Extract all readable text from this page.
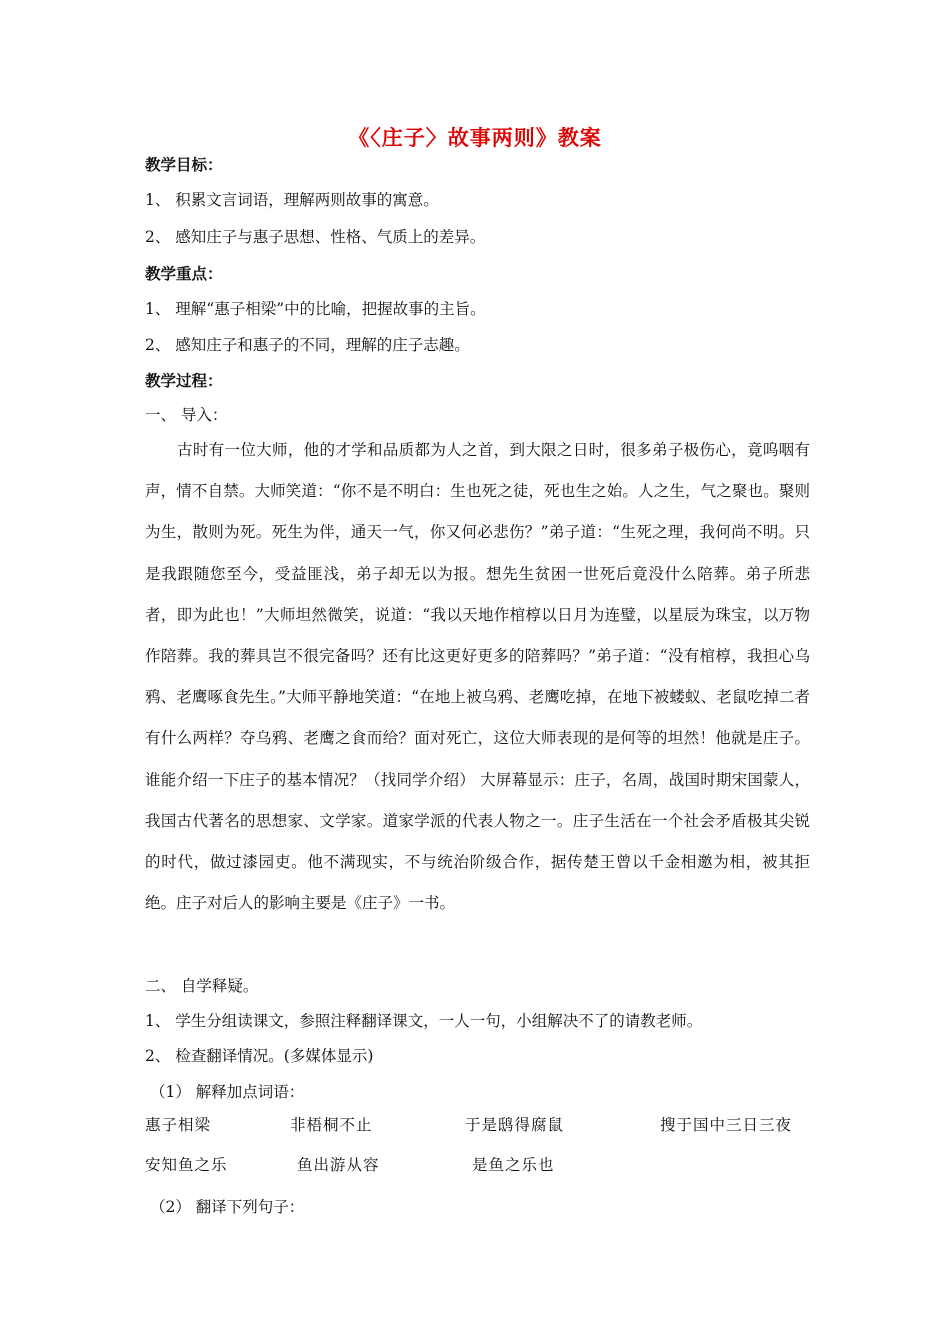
《〈庄子〉故事两则》教案
教学目标：
1、 积累文言词语，理解两则故事的寓意。
2、 感知庄子与惠子思想、性格、气质上的差异。
教学重点：
1、 理解“惠子相梁”中的比喻，把握故事的主旨。
2、 感知庄子和惠子的不同，理解的庄子志趣。
教学过程：
一、 导入：
古时有一位大师，他的才学和品质都为人之首，到大限之日时，很多弟子极伤心，竟呜咽有声，情不自禁。大师笑道：“你不是不明白：生也死之徒，死也生之始。人之生，气之聚也。聚则为生，散则为死。死生为伴，通天一气，你又何必悲伤？”弟子道：“生死之理，我何尚不明。只是我跟随您至今，受益匪浅，弟子却无以为报。想先生贫困一世死后竟没什么陪葬。弟子所悲者，即为此也！”大师坦然微笑，说道：“我以天地作棺椁以日月为连璧，以星辰为珠宝，以万物作陪葬。我的葬具岂不很完备吗？还有比这更好更多的陪葬吗？”弟子道：“没有棺椁，我担心乌鸦、老鹰啄食先生。”大师平静地笑道：“在地上被乌鸦、老鹰吃掉，在地下被蝼蚁、老鼠吃掉二者有什么两样？夺乌鸦、老鹰之食而给？面对死亡，这位大师表现的是何等的坦然！他就是庄子。谁能介绍一下庄子的基本情况？（找同学介绍） 大屏幕显示：庄子，名周，战国时期宋国蒙人，我国古代著名的思想家、文学家。道家学派的代表人物之一。庄子生活在一个社会矛盾极其尖锐的时代，做过漆园吏。他不满现实，不与统治阶级合作，据传楚王曾以千金相邀为相，被其拒绝。庄子对后人的影响主要是《庄子》一书。
二、 自学释疑。
1、 学生分组读课文，参照注释翻译课文，一人一句，小组解决不了的请教老师。
2、 检查翻译情况。(多媒体显示)
（1） 解释加点词语：
惠子相梁	非梧桐不止	于是鸱得腐鼠	搜于国中三日三夜
安知鱼之乐	鱼出游从容	是鱼之乐也
（2） 翻译下列句子：
